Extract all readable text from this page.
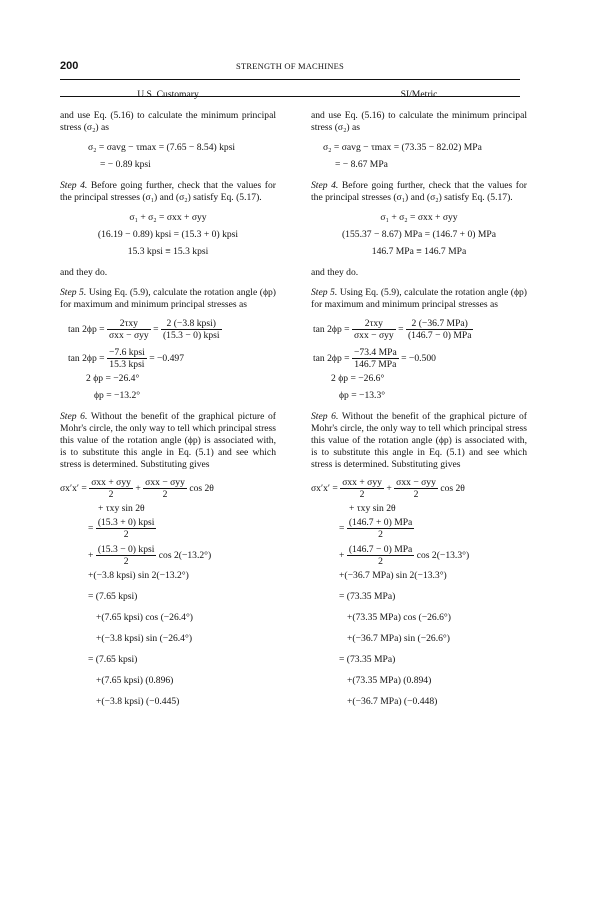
200	STRENGTH OF MACHINES
U.S. Customary

and use Eq. (5.16) to calculate the minimum principal stress (σ₂) as

σ₂ = σavg − τmax = (7.65 − 8.54) kpsi
= − 0.89 kpsi

Step 4. Before going further, check that the values for the principal stresses (σ₁) and (σ₂) satisfy Eq. (5.17).

σ₁ + σ₂ = σxx + σyy
(16.19 − 0.89) kpsi = (15.3 + 0) kpsi
15.3 kpsi ≡ 15.3 kpsi

and they do.

Step 5. Using Eq. (5.9), calculate the rotation angle (ϕp) for maximum and minimum principal stresses as

$\tan 2\phi p = \frac{\text{2τxy}}{\text{σxx − σyy}} = \frac{\text{2 (−3.8 kpsi)}}{\text{(15.3 − 0) kpsi}}$
$\tan 2\phi p = \frac{\text{−7.6 kpsi}}{\text{15.3 kpsi}} = -0.497$
2 ϕp = −26.4°
ϕp = −13.2°

Step 6. Without the benefit of the graphical picture of Mohr's circle, the only way to tell which principal stress this value of the rotation angle (ϕp) is associated with, is to substitute this angle in Eq. (5.1) and see which stress is determined. Substituting gives

$\sigma x'x' = \frac{\text{σxx + σyy}}{2} + \frac{\text{σxx − σyy}}{2}$ cos 2θ
+ τxy sin 2θ
= $\frac{\text{(15.3 + 0) kpsi}}{2}$
+ $\frac{\text{(15.3 − 0) kpsi}}{2}$ cos 2(−13.2°)
+(−3.8 kpsi) sin 2(−13.2°)
= (7.65 kpsi)
+(7.65 kpsi) cos (−26.4°)
+(−3.8 kpsi) sin (−26.4°)
= (7.65 kpsi)
+(7.65 kpsi) (0.896)
+(−3.8 kpsi) (−0.445)
SI/Metric

and use Eq. (5.16) to calculate the minimum principal stress (σ₂) as

σ₂ = σavg − τmax = (73.35 − 82.02) MPa
= − 8.67 MPa

Step 4. Before going further, check that the values for the principal stresses (σ₁) and (σ₂) satisfy Eq. (5.17).

σ₁ + σ₂ = σxx + σyy
(155.37 − 8.67) MPa = (146.7 + 0) MPa
146.7 MPa ≡ 146.7 MPa

and they do.

Step 5. Using Eq. (5.9), calculate the rotation angle (ϕp) for maximum and minimum principal stresses as

$\tan 2\phi p = \frac{\text{2τxy}}{\text{σxx − σyy}} = \frac{\text{2 (−36.7 MPa)}}{\text{(146.7 − 0) MPa}}$
$\tan 2\phi p = \frac{\text{−73.4 MPa}}{\text{146.7 MPa}} = -0.500$
2 ϕp = −26.6°
ϕp = −13.3°

Step 6. Without the benefit of the graphical picture of Mohr's circle, the only way to tell which principal stress this value of the rotation angle (ϕp) is associated with, is to substitute this angle in Eq. (5.1) and see which stress is determined. Substituting gives

$\sigma x'x' = \frac{\text{σxx + σyy}}{2} + \frac{\text{σxx − σyy}}{2}$ cos 2θ
+ τxy sin 2θ
= $\frac{\text{(146.7 + 0) MPa}}{2}$
+ $\frac{\text{(146.7 − 0) MPa}}{2}$ cos 2(−13.3°)
+(−36.7 MPa) sin 2(−13.3°)
= (73.35 MPa)
+(73.35 MPa) cos (−26.6°)
+(−36.7 MPa) sin (−26.6°)
= (73.35 MPa)
+(73.35 MPa) (0.894)
+(−36.7 MPa) (−0.448)
